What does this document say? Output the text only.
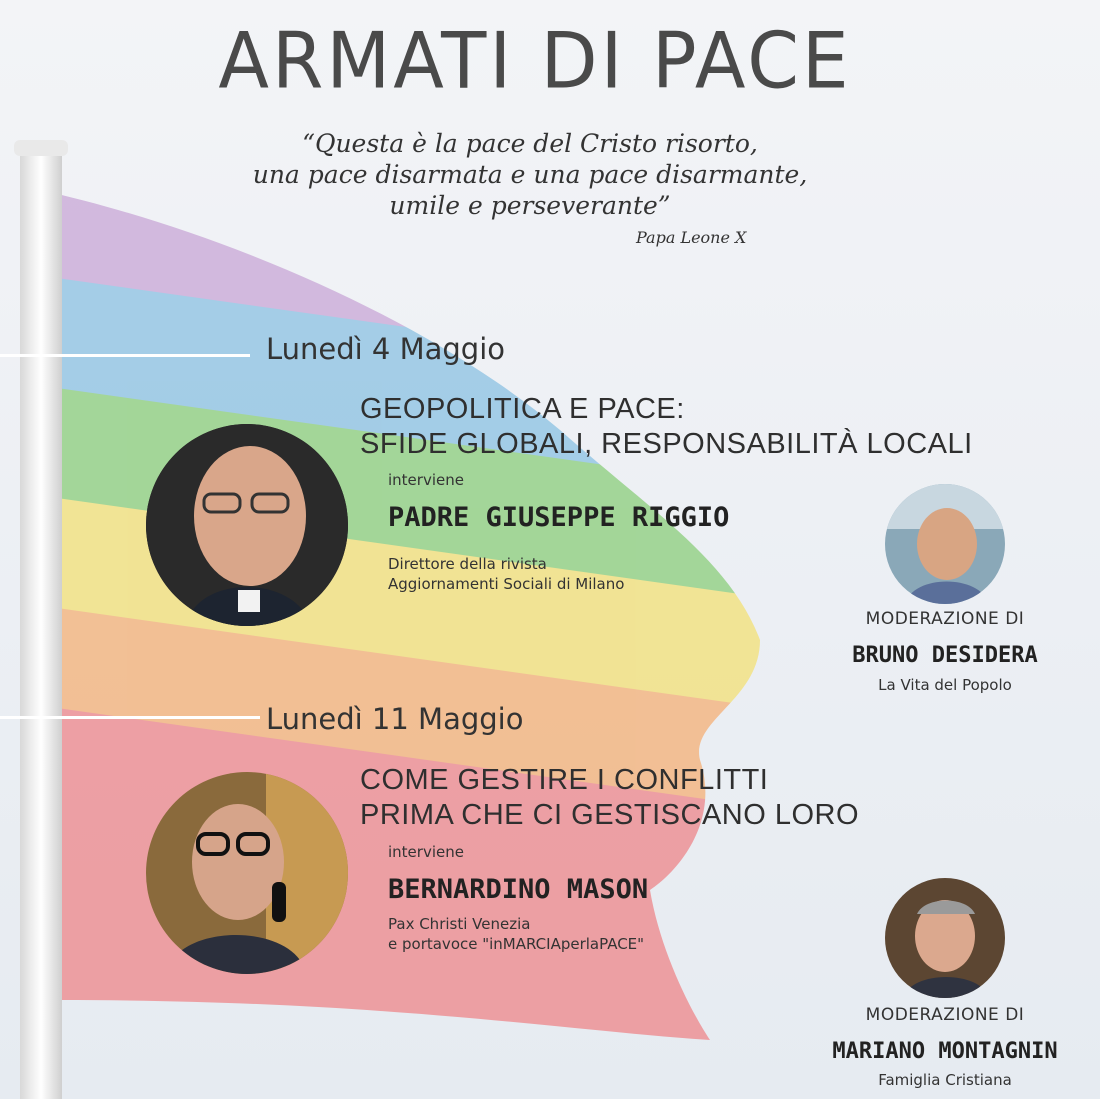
ARMATI DI PACE
“Questa è la pace del Cristo risorto,
una pace disarmata e una pace disarmante,
umile e perseverante”
Papa Leone X
Lunedì 4 Maggio
GEOPOLITICA E PACE:
SFIDE GLOBALI, RESPONSABILITÀ LOCALI
interviene
PADRE GIUSEPPE RIGGIO
Direttore della rivista
Aggiornamenti Sociali di Milano
MODERAZIONE DI
BRUNO DESIDERA
La Vita del Popolo
Lunedì 11 Maggio
COME GESTIRE I CONFLITTI
PRIMA CHE CI GESTISCANO LORO
interviene
BERNARDINO MASON
Pax Christi Venezia
e portavoce "inMARCIAperlaPACE"
MODERAZIONE DI
MARIANO MONTAGNIN
Famiglia Cristiana
